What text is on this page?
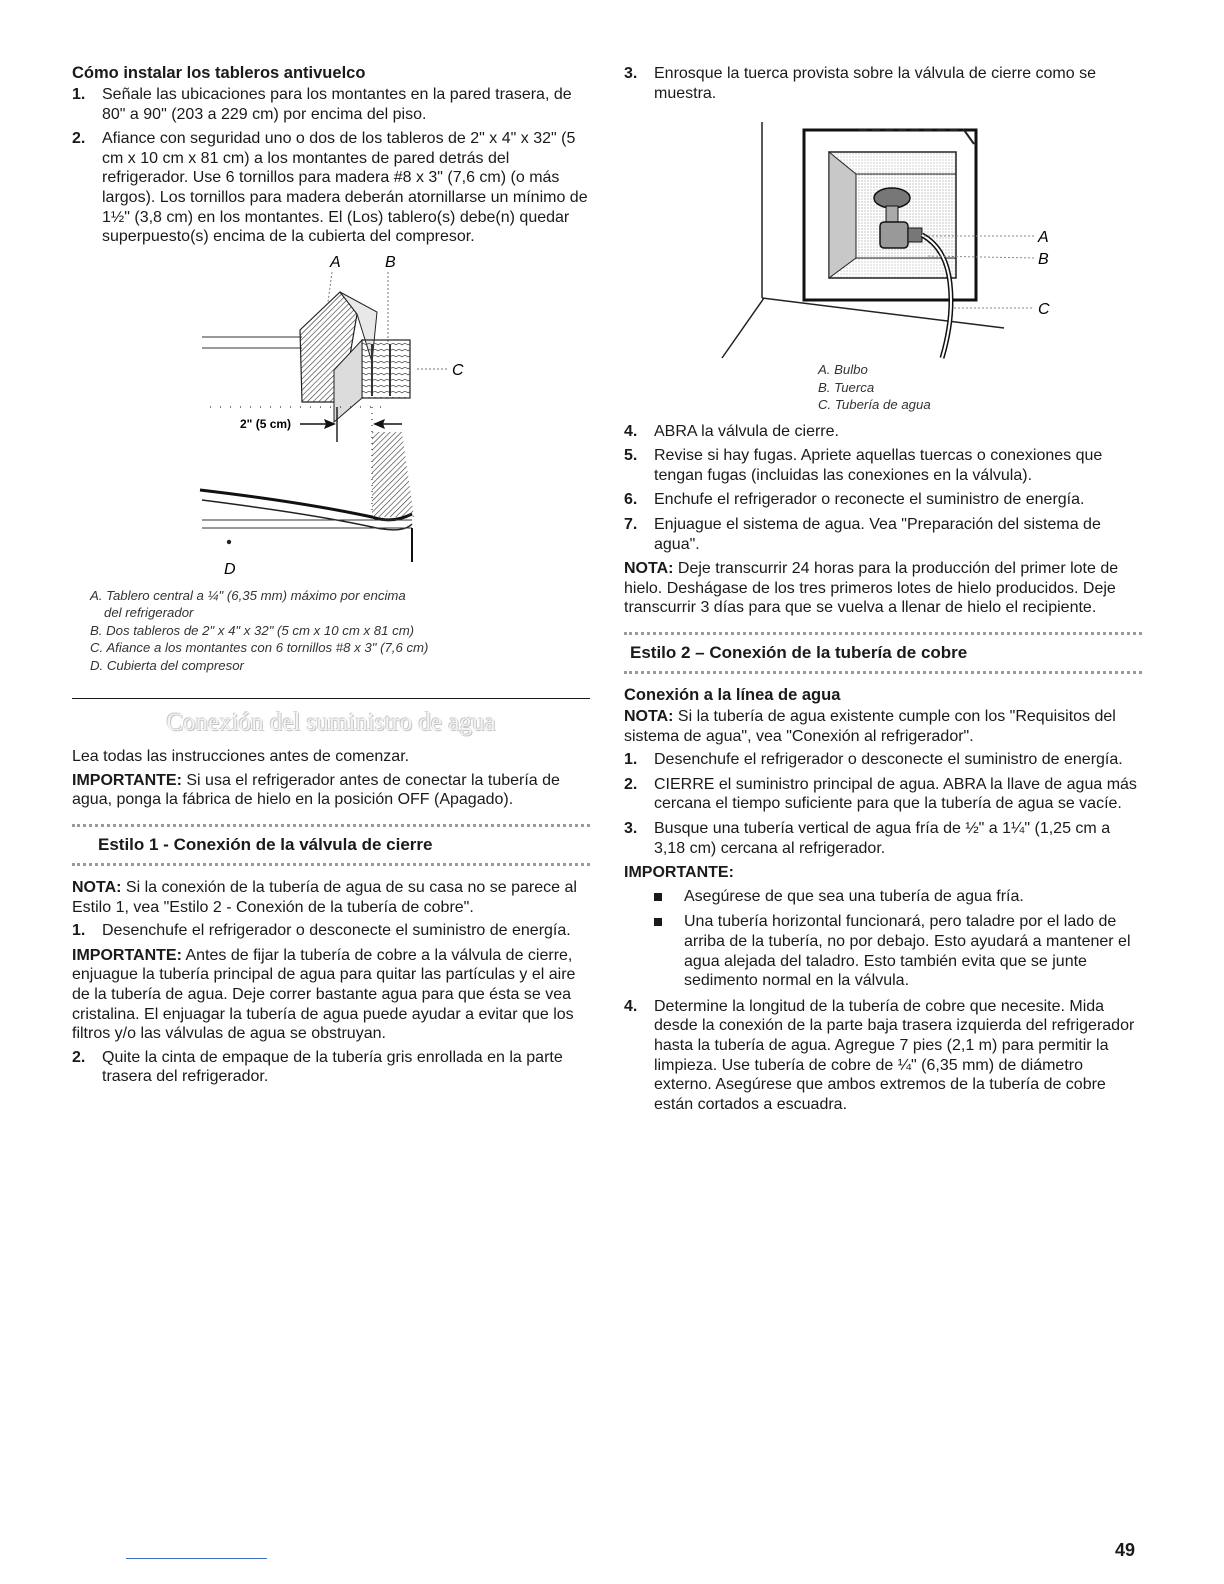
Cómo instalar los tableros antivuelco
1. Señale las ubicaciones para los montantes en la pared trasera, de 80" a 90" (203 a 229 cm) por encima del piso.
2. Afiance con seguridad uno o dos de los tableros de 2" x 4" x 32" (5 cm x 10 cm x 81 cm) a los montantes de pared detrás del refrigerador. Use 6 tornillos para madera #8 x 3" (7,6 cm) (o más largos). Los tornillos para madera deberán atornillarse un mínimo de 1½" (3,8 cm) en los montantes. El (Los) tablero(s) debe(n) quedar superpuesto(s) encima de la cubierta del compresor.
A	B
C
2" (5 cm)
D

A. Tablero central a ¼" (6,35 mm) máximo por encima

del refrigerador

B. Dos tableros de 2" x 4" x 32" (5 cm x 10 cm x 81 cm)

C. Afiance a los montantes con 6 tornillos #8 x 3" (7,6 cm)

D. Cubierta del compresor

Conexión del suministro de agua

Lea todas las instrucciones antes de comenzar.

IMPORTANTE: Si usa el refrigerador antes de conectar la tubería de agua, ponga la fábrica de hielo en la posición OFF (Apagado).

Estilo 1 - Conexión de la válvula de cierre

NOTA: Si la conexión de la tubería de agua de su casa no se parece al Estilo 1, vea "Estilo 2 - Conexión de la tubería de cobre".

1. Desenchufe el refrigerador o desconecte el suministro de energía.

IMPORTANTE: Antes de fijar la tubería de cobre a la válvula de cierre, enjuague la tubería principal de agua para quitar las partículas y el aire de la tubería de agua. Deje correr bastante agua para que ésta se vea cristalina. El enjuagar la tubería de agua puede ayudar a evitar que los filtros y/o las válvulas de agua se obstruyan.

2. Quite la cinta de empaque de la tubería gris enrollada en la parte trasera del refrigerador.
3. Enrosque la tuerca provista sobre la válvula de cierre como se muestra.
A
B
C

A. Bulbo

B. Tuerca

C. Tubería de agua

4. ABRA la válvula de cierre.
5. Revise si hay fugas. Apriete aquellas tuercas o conexiones que tengan fugas (incluidas las conexiones en la válvula).
6. Enchufe el refrigerador o reconecte el suministro de energía.
7. Enjuague el sistema de agua. Vea "Preparación del sistema de agua".

NOTA: Deje transcurrir 24 horas para la producción del primer lote de hielo. Deshágase de los tres primeros lotes de hielo producidos. Deje transcurrir 3 días para que se vuelva a llenar de hielo el recipiente.

Estilo 2 – Conexión de la tubería de cobre
Conexión a la línea de agua

NOTA: Si la tubería de agua existente cumple con los "Requisitos del sistema de agua", vea "Conexión al refrigerador".

1. Desenchufe el refrigerador o desconecte el suministro de energía.
2. CIERRE el suministro principal de agua. ABRA la llave de agua más cercana el tiempo suficiente para que la tubería de agua se vacíe.
3. Busque una tubería vertical de agua fría de ½" a 1¼" (1,25 cm a 3,18 cm) cercana al refrigerador.

IMPORTANTE:

Asegúrese de que sea una tubería de agua fría.
Una tubería horizontal funcionará, pero taladre por el lado de arriba de la tubería, no por debajo. Esto ayudará a mantener el agua alejada del taladro. Esto también evita que se junte sedimento normal en la válvula.
4. Determine la longitud de la tubería de cobre que necesite. Mida desde la conexión de la parte baja trasera izquierda del refrigerador hasta la tubería de agua. Agregue 7 pies (2,1 m) para permitir la limpieza. Use tubería de cobre de ¼" (6,35 mm) de diámetro externo. Asegúrese que ambos extremos de la tubería de cobre están cortados a escuadra.
49
